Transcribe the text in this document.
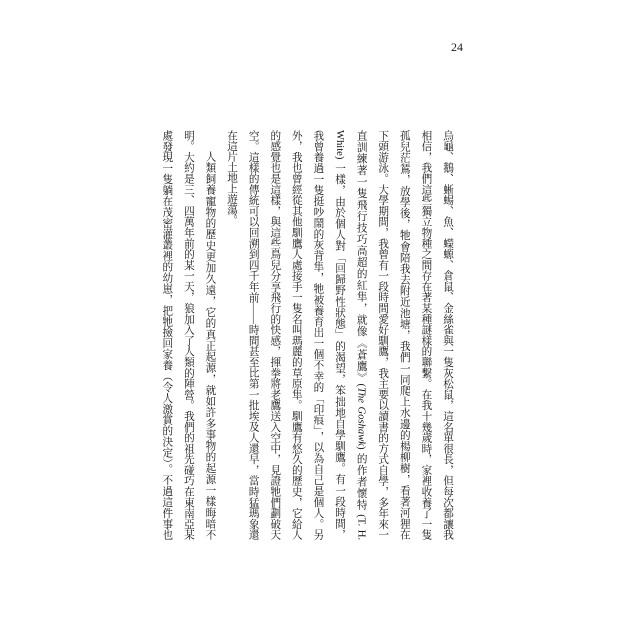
24
烏龜、鵝、蜥蜴、魚、蠑螈、倉鼠、金絲雀與一隻灰松鼠，這名單很長，但每次都讓我
相信，我們這些獨立物種之間存在著某種謎樣的聯繫。在我十幾歲時，家裡收養了一隻
孤兒茫鵟，放學後，牠會陪我去附近池塘，我們一同爬上水邊的楊柳樹，看著河狸在
下頭游泳。大學期間，我曾有一段時間愛好馴鷹，我主要以讀書的方式自學，多年來一
直訓練著一隻飛行技巧高超的紅隼，就像《蒼鷹》(The Goshawk) 的作者懷特 (T. H.
White) 一樣，由於個人對「回歸野性狀態」的渴望，笨拙地自學馴鷹。有一段時間，
我曾養過一隻挺吵鬧的灰背隼，牠被養育出一個不幸的「印痕」，以為自己是個人。另
外，我也曾經從其他馴鷹人處接手一隻名叫瑪麗的草原隼。馴鷹有悠久的歷史，它給人
的感覺也是這樣，與這些鳥兒分享飛行的快感，揮拳將老鷹送入空中，見證牠們劃破天
空。這樣的傳統可以回溯到四千年前——時間甚至比第一批埃及人還早，當時猛瑪象還
在這片土地上遊蕩。
人類飼養寵物的歷史更加久遠，它的真正起源，就如許多事物的起源一樣晦暗不
明。大約是三、四萬年前的某一天，狼加入了人類的陣營。我們的祖先碰巧在東南亞某
處發現一隻躺在茂密灌叢裡的幼崽，把牠撿回家養（令人激賞的決定）。不過這件事也
